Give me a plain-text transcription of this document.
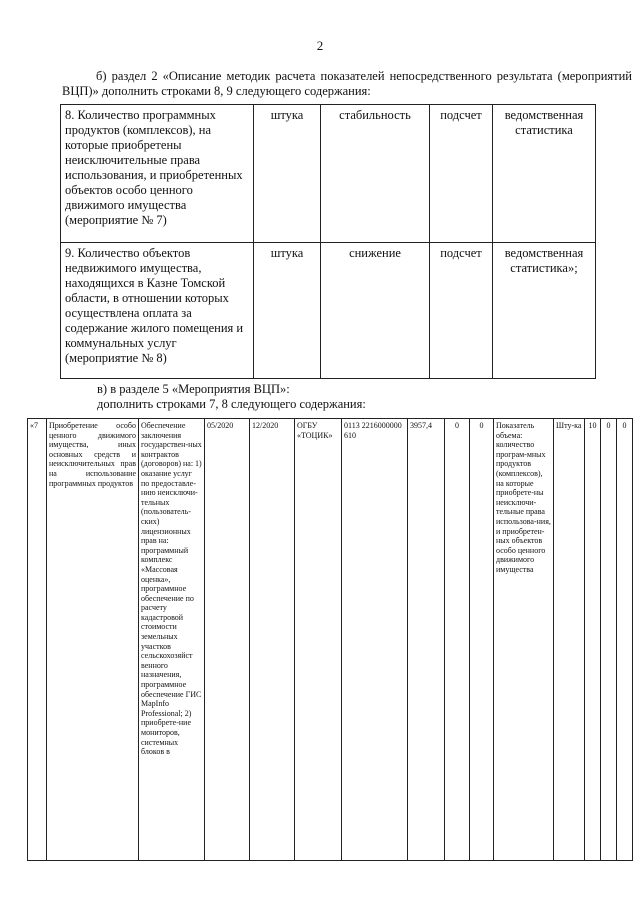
2

б) раздел 2 «Описание методик расчета показателей непосредственного результата (мероприятий ВЦП)» дополнить строками 8, 9 следующего содержания:

8. Количество программных продуктов (комплексов), на которые приобретены неисключительные права использования, и приобретенных объектов особо ценного движимого имущества (мероприятие № 7)	штука	стабильность	подсчет	ведомственная статистика
9. Количество объектов недвижимого имущества, находящихся в Казне Томской области, в отношении которых осуществлена оплата за содержание жилого помещения и коммунальных услуг (мероприятие № 8)	штука	снижение	подсчет	ведомственная статистика»;

в) в разделе 5 «Мероприятия ВЦП»:

дополнить строками 7, 8 следующего содержания:

«7	Приобретение особо ценного движимого имущества, иных основных средств и неисключительных прав на использование программных продуктов	Обеспечение заключения государствен-ных контрактов (договоров) на: 1) оказание услуг по предоставле-нию неисключи-тельных (пользователь-ских) лицензионных прав на: программный комплекс «Массовая оценка», программное обеспечение по расчету кадастровой стоимости земельных участков сельскохозяйст венного назначения, программное обеспечение ГИС MapInfo Professional; 2) приобрете-ние мониторов, системных блоков в	05/2020	12/2020	ОГБУ «ТОЦИК»	0113 2216000000 610	3957,4	0	0	Показатель объема: количество програм-мных продуктов (комплексов), на которые приобрете-ны неисключи-тельные права использова-ния, и приобретен-ных объектов особо ценного движимого имущества	Шту-ка	10	0	0
